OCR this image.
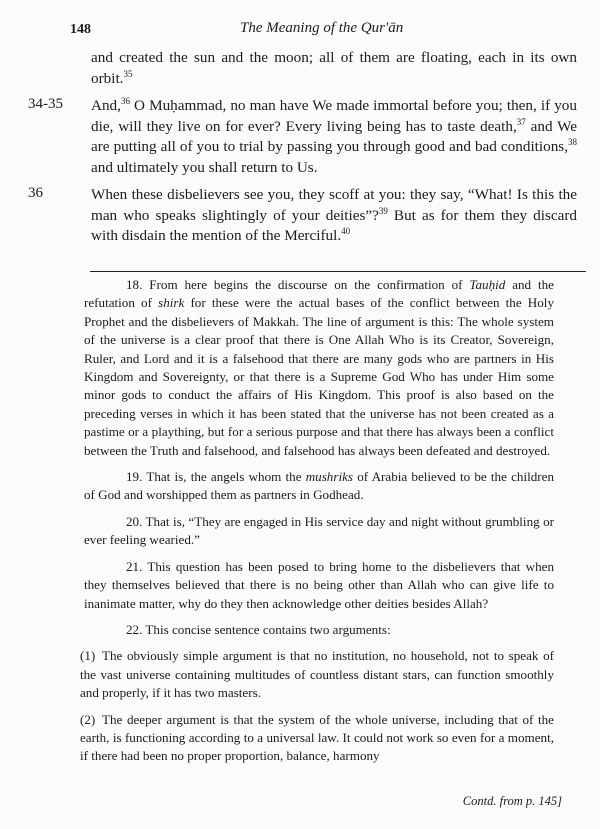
148	The Meaning of the Qur'ān
and created the sun and the moon; all of them are floating, each in its own orbit.$^{35}$
34-35	And,$^{36}$ O Muḥammad, no man have We made immortal before you; then, if you die, will they live on for ever? Every living being has to taste death,$^{37}$ and We are putting all of you to trial by passing you through good and bad conditions,$^{38}$ and ultimately you shall return to Us.
36	When these disbelievers see you, they scoff at you: they say, “What! Is this the man who speaks slightingly of your deities”?$^{39}$ But as for them they discard with disdain the mention of the Merciful.$^{40}$
18. From here begins the discourse on the confirmation of Tauḥid and the refutation of shirk for these were the actual bases of the conflict between the Holy Prophet and the disbelievers of Makkah. The line of argument is this: The whole system of the universe is a clear proof that there is One Allah Who is its Creator, Sovereign, Ruler, and Lord and it is a falsehood that there are many gods who are partners in His Kingdom and Sovereignty, or that there is a Supreme God Who has under Him some minor gods to conduct the affairs of His Kingdom. This proof is also based on the preceding verses in which it has been stated that the universe has not been created as a pastime or a plaything, but for a serious purpose and that there has always been a conflict between the Truth and falsehood, and falsehood has always been defeated and destroyed.
19. That is, the angels whom the mushriks of Arabia believed to be the children of God and worshipped them as partners in Godhead.
20. That is, “They are engaged in His service day and night without grumbling or ever feeling wearied.”
21. This question has been posed to bring home to the disbelievers that when they themselves believed that there is no being other than Allah who can give life to inanimate matter, why do they then acknowledge other deities besides Allah?
22. This concise sentence contains two arguments:
(1) The obviously simple argument is that no institution, no household, not to speak of the vast universe containing multitudes of countless distant stars, can function smoothly and properly, if it has two masters.
(2) The deeper argument is that the system of the whole universe, including that of the earth, is functioning according to a universal law. It could not work so even for a moment, if there had been no proper proportion, balance, harmony
Contd. from p. 145]
